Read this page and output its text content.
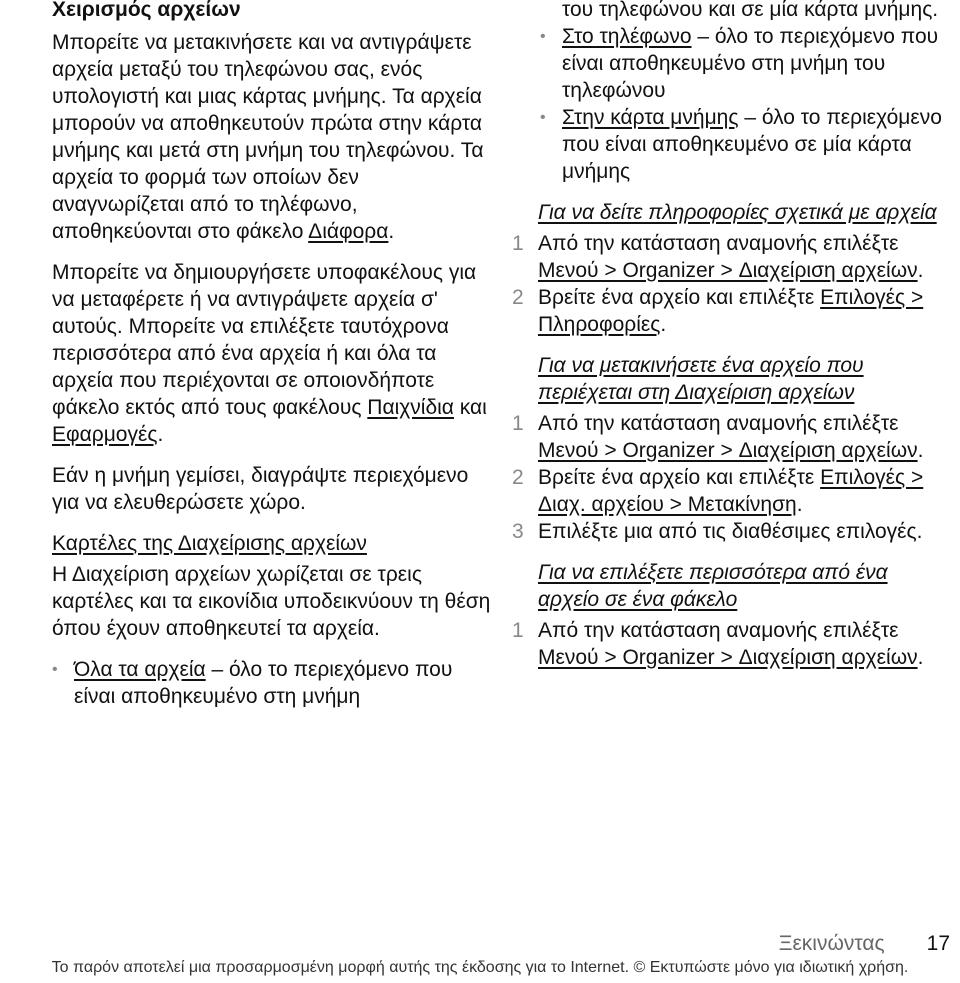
Χειρισμός αρχείων

Μπορείτε να μετακινήσετε και να αντιγράψετε αρχεία μεταξύ του τηλεφώνου σας, ενός υπολογιστή και μιας κάρτας μνήμης. Τα αρχεία μπορούν να αποθηκευτούν πρώτα στην κάρτα μνήμης και μετά στη μνήμη του τηλεφώνου. Τα αρχεία το φορμά των οποίων δεν αναγνωρίζεται από το τηλέφωνο, αποθηκεύονται στο φάκελο Διάφορα.

Μπορείτε να δημιουργήσετε υποφακέλους για να μεταφέρετε ή να αντιγράψετε αρχεία σ' αυτούς. Μπορείτε να επιλέξετε ταυτόχρονα περισσότερα από ένα αρχεία ή και όλα τα αρχεία που περιέχονται σε οποιονδήποτε φάκελο εκτός από τους φακέλους Παιχνίδια και Εφαρμογές.

Εάν η μνήμη γεμίσει, διαγράψτε περιεχόμενο για να ελευθερώσετε χώρο.

Καρτέλες της Διαχείρισης αρχείων

Η Διαχείριση αρχείων χωρίζεται σε τρεις καρτέλες και τα εικονίδια υποδεικνύουν τη θέση όπου έχουν αποθηκευτεί τα αρχεία.

• Όλα τα αρχεία – όλο το περιεχόμενο που είναι αποθηκευμένο στη μνήμη

του τηλεφώνου και σε μία κάρτα μνήμης.

• Στο τηλέφωνο – όλο το περιεχόμενο που είναι αποθηκευμένο στη μνήμη του τηλεφώνου
• Στην κάρτα μνήμης – όλο το περιεχόμενο που είναι αποθηκευμένο σε μία κάρτα μνήμης

Για να δείτε πληροφορίες σχετικά με αρχεία

1 Από την κατάσταση αναμονής επιλέξτε Μενού > Organizer > Διαχείριση αρχείων.
2 Βρείτε ένα αρχείο και επιλέξτε Επιλογές > Πληροφορίες.

Για να μετακινήσετε ένα αρχείο που περιέχεται στη Διαχείριση αρχείων

1 Από την κατάσταση αναμονής επιλέξτε Μενού > Organizer > Διαχείριση αρχείων.
2 Βρείτε ένα αρχείο και επιλέξτε Επιλογές > Διαχ. αρχείου > Μετακίνηση.
3 Επιλέξτε μια από τις διαθέσιμες επιλογές.

Για να επιλέξετε περισσότερα από ένα αρχείο σε ένα φάκελο

1 Από την κατάσταση αναμονής επιλέξτε Μενού > Organizer > Διαχείριση αρχείων.
Ξεκινώντας 17
Το παρόν αποτελεί μια προσαρμοσμένη μορφή αυτής της έκδοσης για το Internet. © Εκτυπώστε μόνο για ιδιωτική χρήση.
